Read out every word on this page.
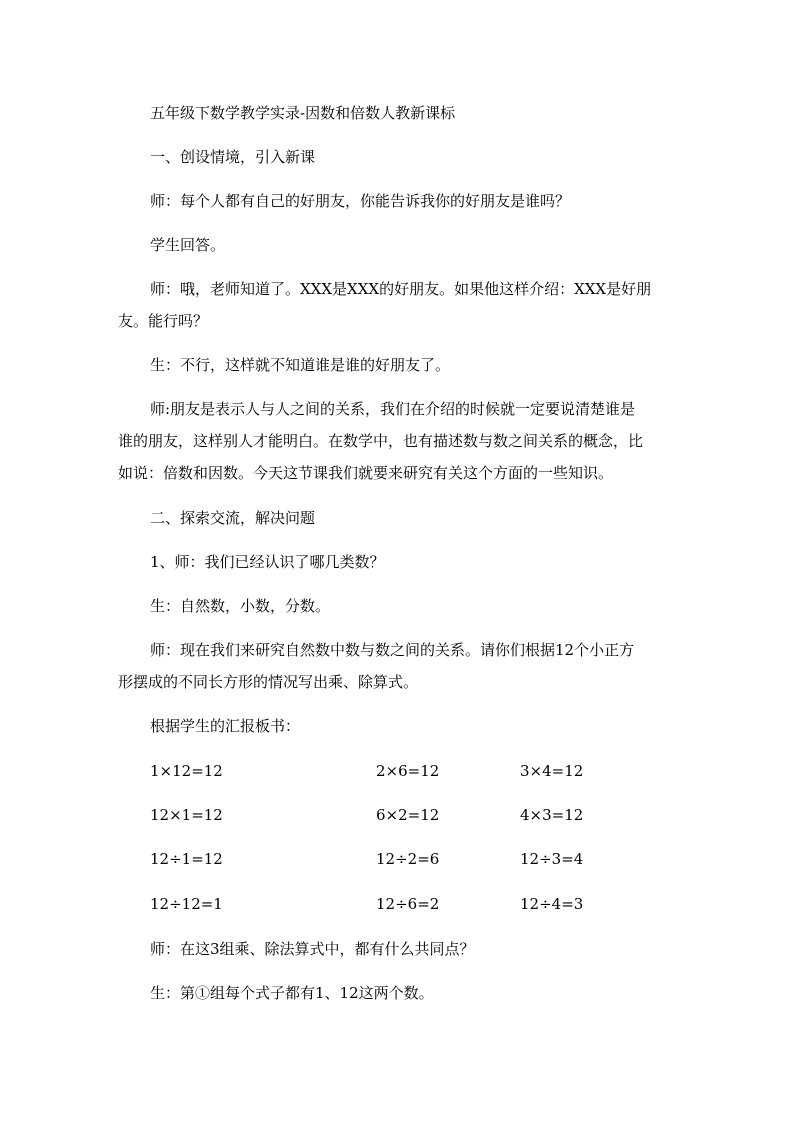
五年级下数学教学实录-因数和倍数人教新课标
一、创设情境，引入新课
师：每个人都有自己的好朋友，你能告诉我你的好朋友是谁吗？
学生回答。
师：哦，老师知道了。XXX是XXX的好朋友。如果他这样介绍：XXX是好朋
友。能行吗？
生：不行，这样就不知道谁是谁的好朋友了。
师:朋友是表示人与人之间的关系，我们在介绍的时候就一定要说清楚谁是
谁的朋友，这样别人才能明白。在数学中，也有描述数与数之间关系的概念，比
如说：倍数和因数。今天这节课我们就要来研究有关这个方面的一些知识。
二、探索交流，解决问题
1、师：我们已经认识了哪几类数？
生：自然数，小数，分数。
师：现在我们来研究自然数中数与数之间的关系。请你们根据12个小正方
形摆成的不同长方形的情况写出乘、除算式。
根据学生的汇报板书：
1×12=12	2×6=12	3×4=12
12×1=12	6×2=12	4×3=12
12÷1=12	12÷2=6	12÷3=4
12÷12=1	12÷6=2	12÷4=3
师：在这3组乘、除法算式中，都有什么共同点？
生：第①组每个式子都有1、12这两个数。
